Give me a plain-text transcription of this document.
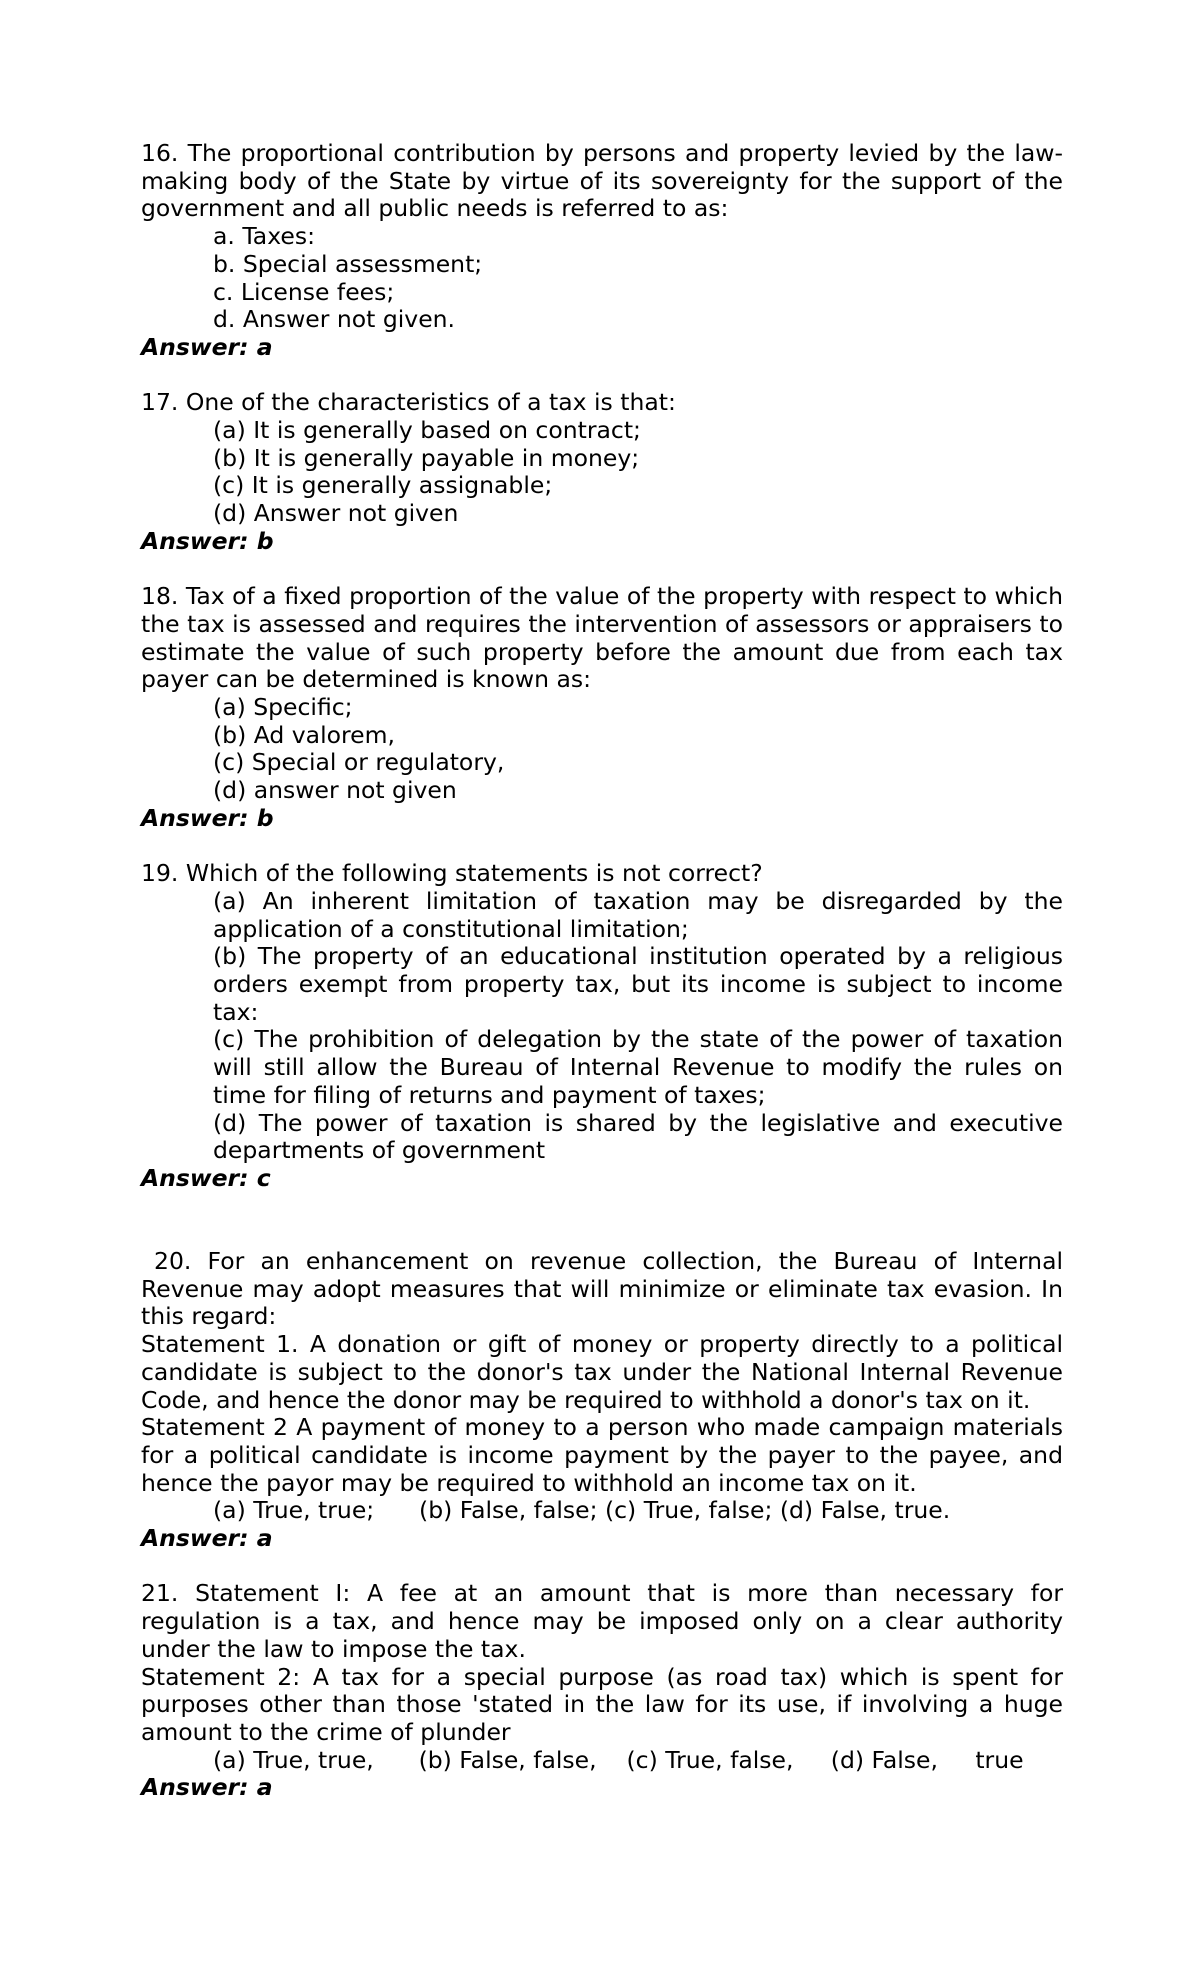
16. The proportional contribution by persons and property levied by the law-making body of the State by virtue of its sovereignty for the support of the government and all public needs is referred to as:

a. Taxes:

b. Special assessment;

c. License fees;

d. Answer not given.

Answer: a

17. One of the characteristics of a tax is that:

(a) It is generally based on contract;

(b) It is generally payable in money;

(c) It is generally assignable;

(d) Answer not given

Answer: b

18. Tax of a fixed proportion of the value of the property with respect to which the tax is assessed and requires the intervention of assessors or appraisers to estimate the value of such property before the amount due from each tax payer can be determined is known as:

(a) Specific;

(b) Ad valorem,

(c) Special or regulatory,

(d) answer not given

Answer: b

19. Which of the following statements is not correct?

(a) An inherent limitation of taxation may be disregarded by the application of a constitutional limitation;

(b) The property of an educational institution operated by a religious orders exempt from property tax, but its income is subject to income tax:

(c) The prohibition of delegation by the state of the power of taxation will still allow the Bureau of Internal Revenue to modify the rules on time for filing of returns and payment of taxes;

(d) The power of taxation is shared by the legislative and executive departments of government

Answer: c

20. For an enhancement on revenue collection, the Bureau of Internal Revenue may adopt measures that will minimize or eliminate tax evasion. In this regard:

Statement 1. A donation or gift of money or property directly to a political candidate is subject to the donor's tax under the National Internal Revenue Code, and hence the donor may be required to withhold a donor's tax on it.

Statement 2 A payment of money to a person who made campaign materials for a political candidate is income payment by the payer to the payee, and hence the payor may be required to withhold an income tax on it.

(a) True, true;      (b) False, false; (c) True, false; (d) False, true.

Answer: a

21. Statement I: A fee at an amount that is more than necessary for regulation is a tax, and hence may be imposed only on a clear authority under the law to impose the tax.

Statement 2: A tax for a special purpose (as road tax) which is spent for purposes other than those 'stated in the law for its use, if involving a huge amount to the crime of plunder

(a) True, true,      (b) False, false,    (c) True, false,     (d) False,     true

Answer: a
